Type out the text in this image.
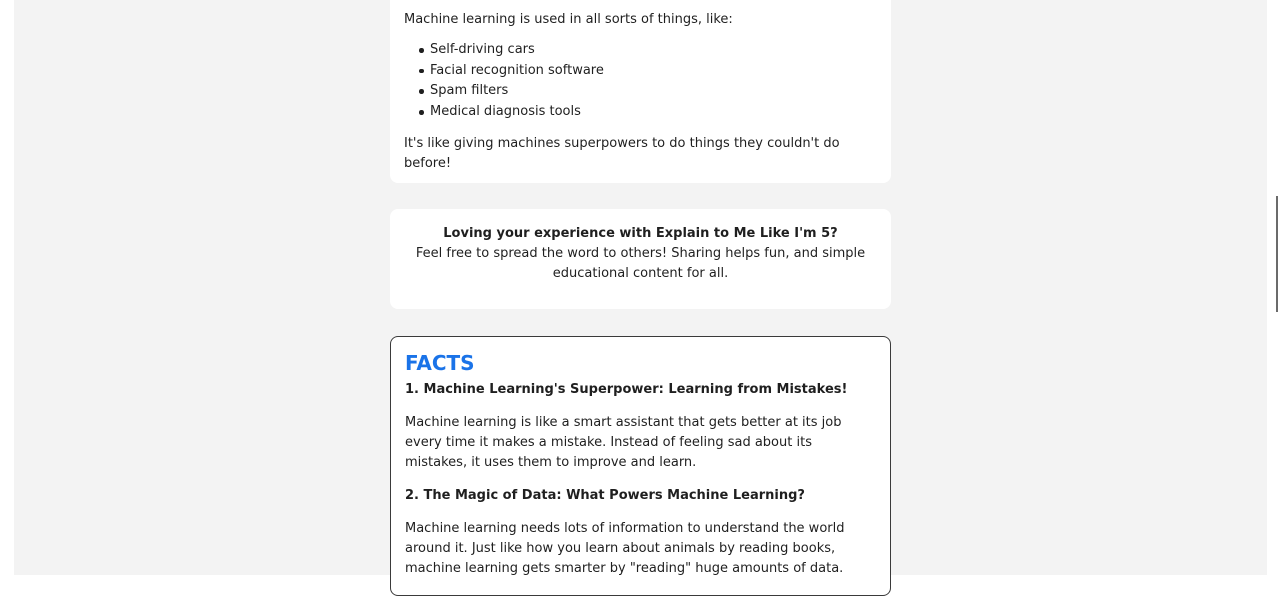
Machine learning is used in all sorts of things, like:

Self-driving cars
Facial recognition software
Spam filters
Medical diagnosis tools

It's like giving machines superpowers to do things they couldn't do before!

Loving your experience with Explain to Me Like I'm 5?
Feel free to spread the word to others! Sharing helps fun, and simple educational content for all.
FACTS
1. Machine Learning's Superpower: Learning from Mistakes!

Machine learning is like a smart assistant that gets better at its job every time it makes a mistake. Instead of feeling sad about its mistakes, it uses them to improve and learn.

2. The Magic of Data: What Powers Machine Learning?

Machine learning needs lots of information to understand the world around it. Just like how you learn about animals by reading books, machine learning gets smarter by "reading" huge amounts of data.
